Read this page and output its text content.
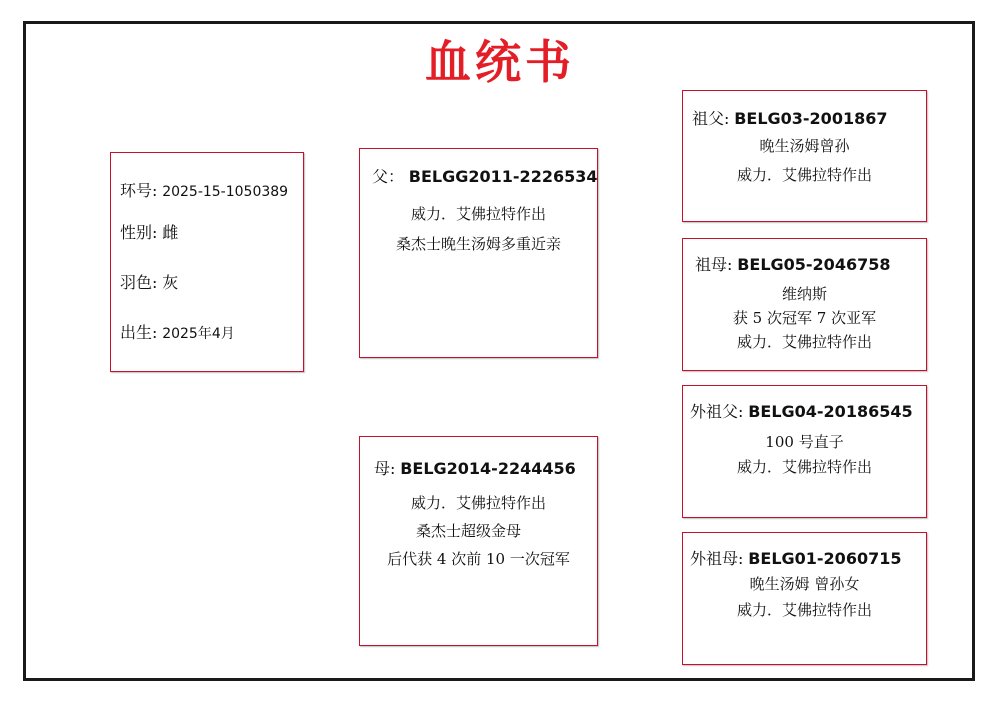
血统书
环号: 2025-15-1050389
性别: 雌
羽色: 灰
出生: 2025年4月
父： BELGG2011-2226534
威力．艾佛拉特作出
桑杰士晚生汤姆多重近亲
母: BELG2014-2244456
威力．艾佛拉特作出
桑杰士超级金母
后代获 4 次前 10 一次冠军
祖父: BELG03-2001867
晚生汤姆曾孙
威力．艾佛拉特作出
祖母: BELG05-2046758
维纳斯
获 5 次冠军 7 次亚军
威力．艾佛拉特作出
外祖父: BELG04-20186545
100 号直子
威力．艾佛拉特作出
外祖母: BELG01-2060715
晚生汤姆 曾孙女
威力．艾佛拉特作出
